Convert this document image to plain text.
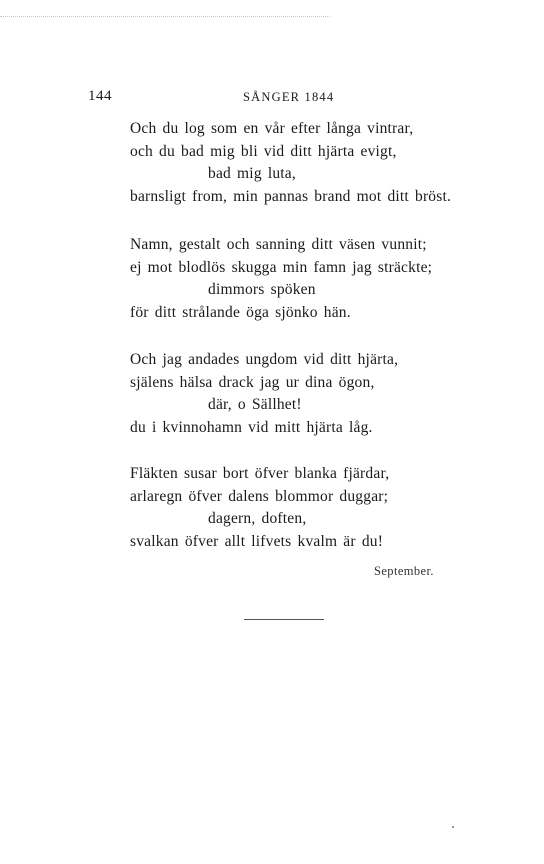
144	SÅNGER 1844
Och du log som en vår efter långa vintrar,
och du bad mig bli vid ditt hjärta evigt,
bad mig luta,
barnsligt from, min pannas brand mot ditt bröst.
Namn, gestalt och sanning ditt väsen vunnit;
ej mot blodlös skugga min famn jag sträckte;
dimmors spöken
för ditt strålande öga sjönko hän.
Och jag andades ungdom vid ditt hjärta,
själens hälsa drack jag ur dina ögon,
där, o Sällhet!
du i kvinnohamn vid mitt hjärta låg.
Fläkten susar bort öfver blanka fjärdar,
arlaregn öfver dalens blommor duggar;
dagern, doften,
svalkan öfver allt lifvets kvalm är du!
September.
